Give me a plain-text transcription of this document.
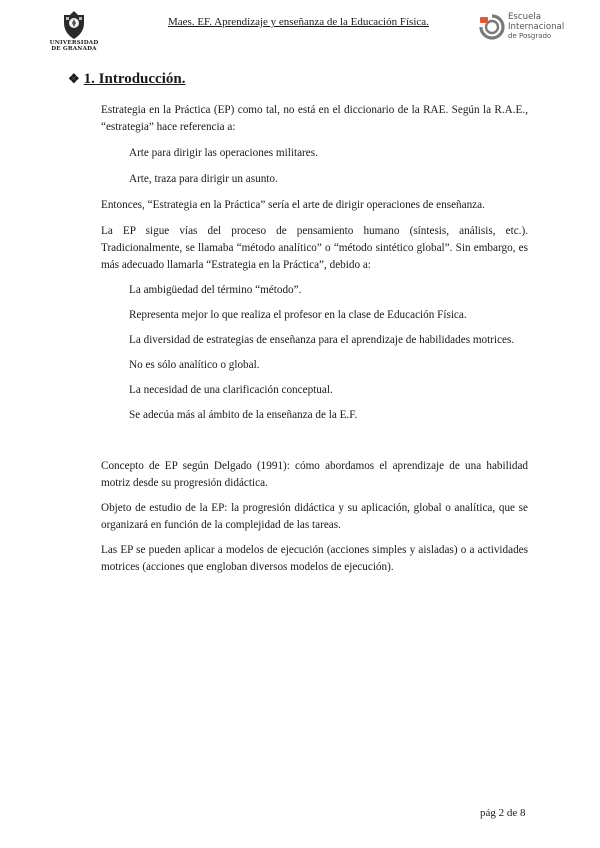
UNIVERSIDAD
DE GRANADA
Maes. EF. Aprendizaje y enseñanza de la Educación Física.	Escuela
Internacional
de Posgrado
❖ 1. Introducción.

Estrategia en la Práctica (EP) como tal, no está en el diccionario de la RAE. Según la R.A.E., “estrategia” hace referencia a:

Arte para dirigir las operaciones militares.

Arte, traza para dirigir un asunto.

Entonces, “Estrategia en la Práctica” sería el arte de dirigir operaciones de enseñanza.

La EP sigue vías del proceso de pensamiento humano (síntesis, análisis, etc.). Tradicionalmente, se llamaba “método analítico” o “método sintético global”. Sin embargo, es más adecuado llamarla “Estrategia en la Práctica”, debido a:

La ambigüedad del término “método”.

Representa mejor lo que realiza el profesor en la clase de Educación Física.

La diversidad de estrategias de enseñanza para el aprendizaje de habilidades motrices.

No es sólo analítico o global.

La necesidad de una clarificación conceptual.

Se adecúa más al ámbito de la enseñanza de la E.F.

Concepto de EP según Delgado (1991): cómo abordamos el aprendizaje de una habilidad motriz desde su progresión didáctica.

Objeto de estudio de la EP: la progresión didáctica y su aplicación, global o analítica, que se organizará en función de la complejidad de las tareas.

Las EP se pueden aplicar a modelos de ejecución (acciones simples y aisladas) o a actividades motrices (acciones que engloban diversos modelos de ejecución).

pág 2 de 8
